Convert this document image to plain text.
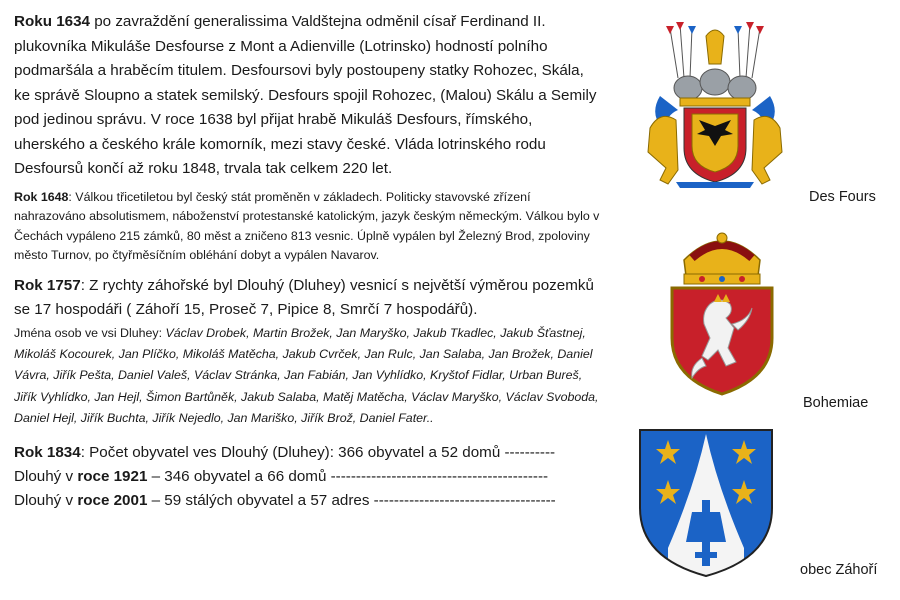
Roku 1634 po zavraždění generalissima Valdštejna odměnil císař Ferdinand II. plukovníka Mikuláše Desfourse z Mont a Adienville (Lotrinsko) hodností polního podmaršála a hraběcím titulem. Desfoursovi byly postoupeny statky Rohozec, Skála, ke správě Sloupno a statek semilský. Desfours spojil Rohozec, (Malou) Skálu a Semily pod jedinou správu. V roce 1638 byl přijat hrabě Mikuláš Desfours, římského, uherského a českého krále komorník, mezi stavy české. Vláda lotrinského rodu Desfoursů končí až roku 1848, trvala tak celkem 220 let.

Rok 1648: Válkou třicetiletou byl český stát proměněn v základech. Politicky stavovské zřízení nahrazováno absolutismem, náboženství protestanské katolickým, jazyk českým německým. Válkou bylo v Čechách vypáleno 215 zámků, 80 měst a zničeno 813 vesnic. Úplně vypálen byl Železný Brod, zpoloviny město Turnov, po čtyřměsíčním obléhání dobyt a vypálen Navarov.

Rok 1757: Z rychty záhořské byl Dlouhý (Dluhey) vesnicí s největší výměrou pozemků se 17 hospodáři ( Záhoří 15, Proseč 7, Pipice 8, Smrčí 7 hospodářů).

Jména osob ve vsi Dluhey: Václav Drobek, Martin Brožek, Jan Maryško, Jakub Tkadlec, Jakub Šťastnej, Mikoláš Kocourek, Jan Plíčko, Mikoláš Matěcha, Jakub Cvrček, Jan Rulc, Jan Salaba, Jan Brožek, Daniel Vávra, Jiřík Pešta, Daniel Valeš, Václav Stránka, Jan Fabián, Jan Vyhlídko, Kryštof Fidlar, Urban Bureš, Jiřík Vyhlídko, Jan Hejl, Šimon Bartůněk, Jakub Salaba, Matěj Matěcha, Václav Maryško, Václav Svoboda, Daniel Hejl, Jiřík Buchta, Jiřík Nejedlo, Jan Mariško, Jiřík Brož, Daniel Fater..

Rok 1834: Počet obyvatel ves Dlouhý (Dluhey): 366 obyvatel a 52 domů ----------
Dlouhý v roce 1921 – 346 obyvatel a 66 domů -------------------------------------------
Dlouhý v roce 2001 – 59 stálých obyvatel a 57 adres ------------------------------------
Des Fours
Bohemiae
obec Záhoří
